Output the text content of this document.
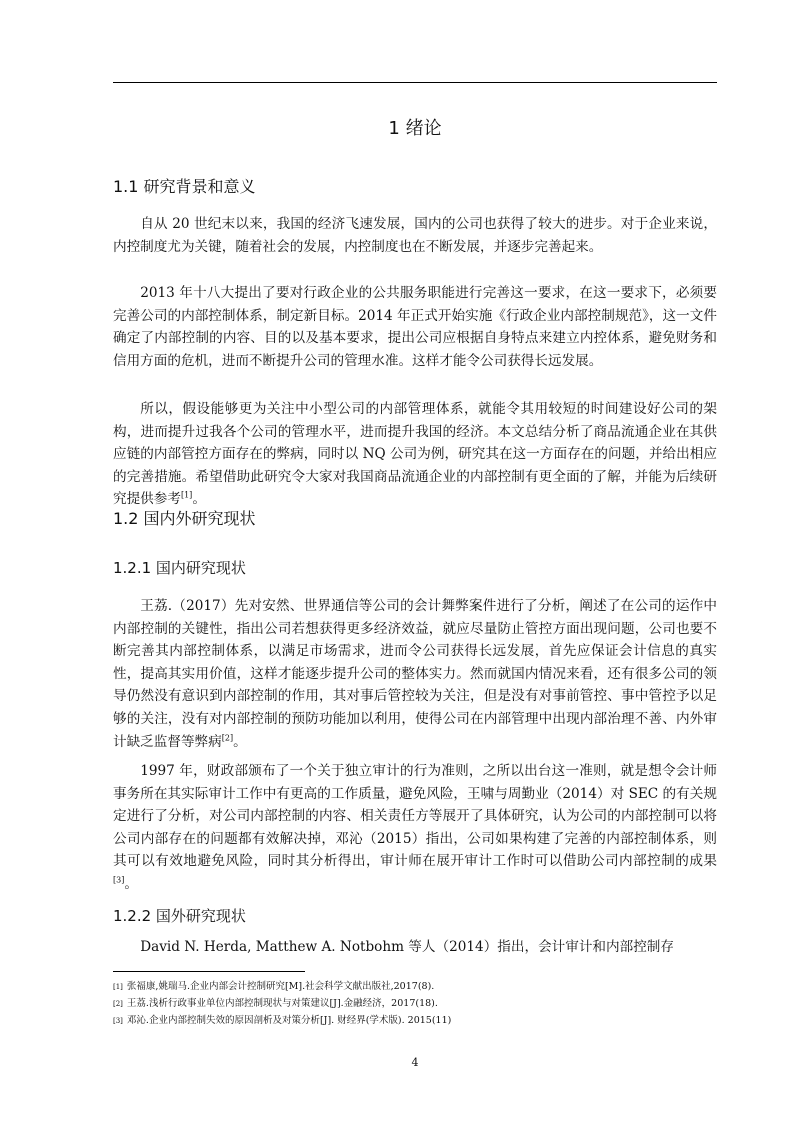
1 绪论
1.1 研究背景和意义

自从 20 世纪末以来，我国的经济飞速发展，国内的公司也获得了较大的进步。对于企业来说，内控制度尤为关键，随着社会的发展，内控制度也在不断发展，并逐步完善起来。

2013 年十八大提出了要对行政企业的公共服务职能进行完善这一要求，在这一要求下，必须要完善公司的内部控制体系，制定新目标。2014 年正式开始实施《行政企业内部控制规范》，这一文件确定了内部控制的内容、目的以及基本要求，提出公司应根据自身特点来建立内控体系，避免财务和信用方面的危机，进而不断提升公司的管理水准。这样才能令公司获得长远发展。

所以，假设能够更为关注中小型公司的内部管理体系，就能令其用较短的时间建设好公司的架构，进而提升过我各个公司的管理水平，进而提升我国的经济。本文总结分析了商品流通企业在其供应链的内部管控方面存在的弊病，同时以 NQ 公司为例，研究其在这一方面存在的问题，并给出相应的完善措施。希望借助此研究令大家对我国商品流通企业的内部控制有更全面的了解，并能为后续研究提供参考[1]。

1.2 国内外研究现状
1.2.1 国内研究现状

王荔.（2017）先对安然、世界通信等公司的会计舞弊案件进行了分析，阐述了在公司的运作中内部控制的关键性，指出公司若想获得更多经济效益，就应尽量防止管控方面出现问题，公司也要不断完善其内部控制体系，以满足市场需求，进而令公司获得长远发展，首先应保证会计信息的真实性，提高其实用价值，这样才能逐步提升公司的整体实力。然而就国内情况来看，还有很多公司的领导仍然没有意识到内部控制的作用，其对事后管控较为关注，但是没有对事前管控、事中管控予以足够的关注，没有对内部控制的预防功能加以利用，使得公司在内部管理中出现内部治理不善、内外审计缺乏监督等弊病[2]。

1997 年，财政部颁布了一个关于独立审计的行为准则，之所以出台这一准则，就是想令会计师事务所在其实际审计工作中有更高的工作质量，避免风险，王啸与周勤业（2014）对 SEC 的有关规定进行了分析，对公司内部控制的内容、相关责任方等展开了具体研究，认为公司的内部控制可以将公司内部存在的问题都有效解决掉，邓沁（2015）指出，公司如果构建了完善的内部控制体系，则其可以有效地避免风险，同时其分析得出，审计师在展开审计工作时可以借助公司内部控制的成果[3]。

1.2.2 国外研究现状

David N. Herda, Matthew A. Notbohm 等人（2014）指出，会计审计和内部控制存

[1] 张福康,姚瑞马.企业内部会计控制研究[M].社会科学文献出版社,2017(8).
[2] 王荔.浅析行政事业单位内部控制现状与对策建议[J].金融经济，2017(18).
[3] 邓沁.企业内部控制失效的原因剖析及对策分析[J]. 财经界(学术版). 2015(11)
4
